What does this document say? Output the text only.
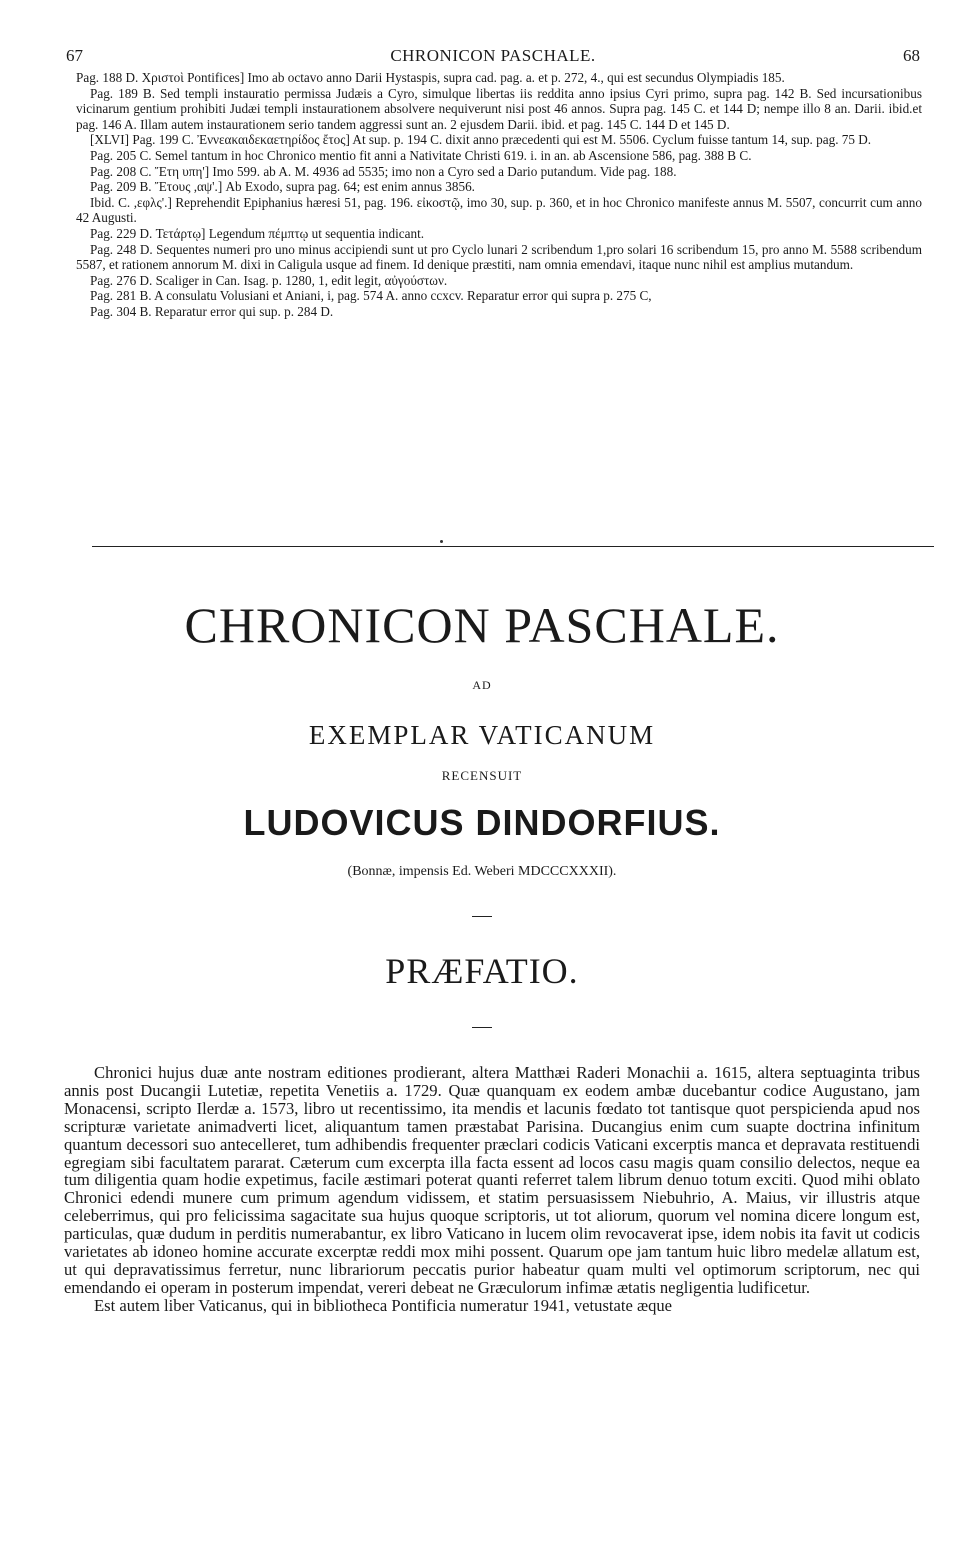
67	CHRONICON PASCHALE.	68

Pag. 188 D. Χριστοὶ Pontifices] Imo ab octavo anno Darii Hystaspis, supra cad. pag. a. et p. 272, 4., qui est secundus Olympiadis 185.

Pag. 189 B. Sed templi instauratio permissa Judæis a Cyro, simulque libertas iis reddita anno ipsius Cyri primo, supra pag. 142 B. Sed incursationibus vicinarum gentium prohibiti Judæi templi instaurationem absolvere nequiverunt nisi post 46 annos. Supra pag. 145 C. et 144 D; nempe illo 8 an. Darii. ibid.et pag. 146 A. Illam autem instaurationem serio tandem aggressi sunt an. 2 ejusdem Darii. ibid. et pag. 145 C. 144 D et 145 D.

[XLVI] Pag. 199 C. Ἐννεακαιδεκαετηρίδος ἔτος] At sup. p. 194 C. dixit anno præcedenti qui est M. 5506. Cyclum fuisse tantum 14, sup. pag. 75 D.

Pag. 205 C. Semel tantum in hoc Chronico mentio fit anni a Nativitate Christi 619. i. in an. ab Ascensione 586, pag. 388 B C.

Pag. 208 C. Ἔτη υπη'] Imo 599. ab A. M. 4936 ad 5535; imo non a Cyro sed a Dario putandum. Vide pag. 188.

Pag. 209 B. Ἔτους ,αψ'.] Ab Exodo, supra pag. 64; est enim annus 3856.

Ibid. C. ,εφλς'.] Reprehendit Epiphanius hæresi 51, pag. 196. εἰκοστῷ, imo 30, sup. p. 360, et in hoc Chronico manifeste annus M. 5507, concurrit cum anno 42 Augusti.

Pag. 229 D. Τετάρτῳ] Legendum πέμπτῳ ut sequentia indicant.

Pag. 248 D. Sequentes numeri pro uno minus accipiendi sunt ut pro Cyclo lunari 2 scribendum 1,pro solari 16 scribendum 15, pro anno M. 5588 scribendum 5587, et rationem annorum M. dixi in Caligula usque ad finem. Id denique præstiti, nam omnia emendavi, itaque nunc nihil est amplius mutandum.

Pag. 276 D. Scaliger in Can. Isag. p. 1280, 1, edit legit, αὐγούστων.

Pag. 281 B. A consulatu Volusiani et Aniani, i, pag. 574 A. anno ccxcv. Reparatur error qui supra p. 275 C,

Pag. 304 B. Reparatur error qui sup. p. 284 D.

CHRONICON PASCHALE.
AD
EXEMPLAR VATICANUM
RECENSUIT
LUDOVICUS DINDORFIUS.
(Bonnæ, impensis Ed. Weberi MDCCCXXXII).
PRÆFATIO.

Chronici hujus duæ ante nostram editiones prodierant, altera Matthæi Raderi Monachii a. 1615, altera septuaginta tribus annis post Ducangii Lutetiæ, repetita Venetiis a. 1729. Quæ quanquam ex eodem ambæ ducebantur codice Augustano, jam Monacensi, scripto Ilerdæ a. 1573, libro ut recentissimo, ita mendis et lacunis fœdato tot tantisque quot perspicienda apud nos scripturæ varietate animadverti licet, aliquantum tamen præstabat Parisina. Ducangius enim cum suapte doctrina infinitum quantum decessori suo antecelleret, tum adhibendis frequenter præclari codicis Vaticani excerptis manca et depravata restituendi egregiam sibi facultatem pararat. Cæterum cum excerpta illa facta essent ad locos casu magis quam consilio delectos, neque ea tum diligentia quam hodie expetimus, facile æstimari poterat quanti referret talem librum denuo totum exciti. Quod mihi oblato Chronici edendi munere cum primum agendum vidissem, et statim persuasissem Niebuhrio, A. Maius, vir illustris atque celeberrimus, qui pro felicissima sagacitate sua hujus quoque scriptoris, ut tot aliorum, quorum vel nomina dicere longum est, particulas, quæ dudum in perditis numerabantur, ex libro Vaticano in lucem olim revocaverat ipse, idem nobis ita favit ut codicis varietates ab idoneo homine accurate excerptæ reddi mox mihi possent. Quarum ope jam tantum huic libro medelæ allatum est, ut qui depravatissimus ferretur, nunc librariorum peccatis purior habeatur quam multi vel optimorum scriptorum, nec qui emendando ei operam in posterum impendat, vereri debeat ne Græculorum infimæ ætatis negligentia ludificetur.

Est autem liber Vaticanus, qui in bibliotheca Pontificia numeratur 1941, vetustate æque
